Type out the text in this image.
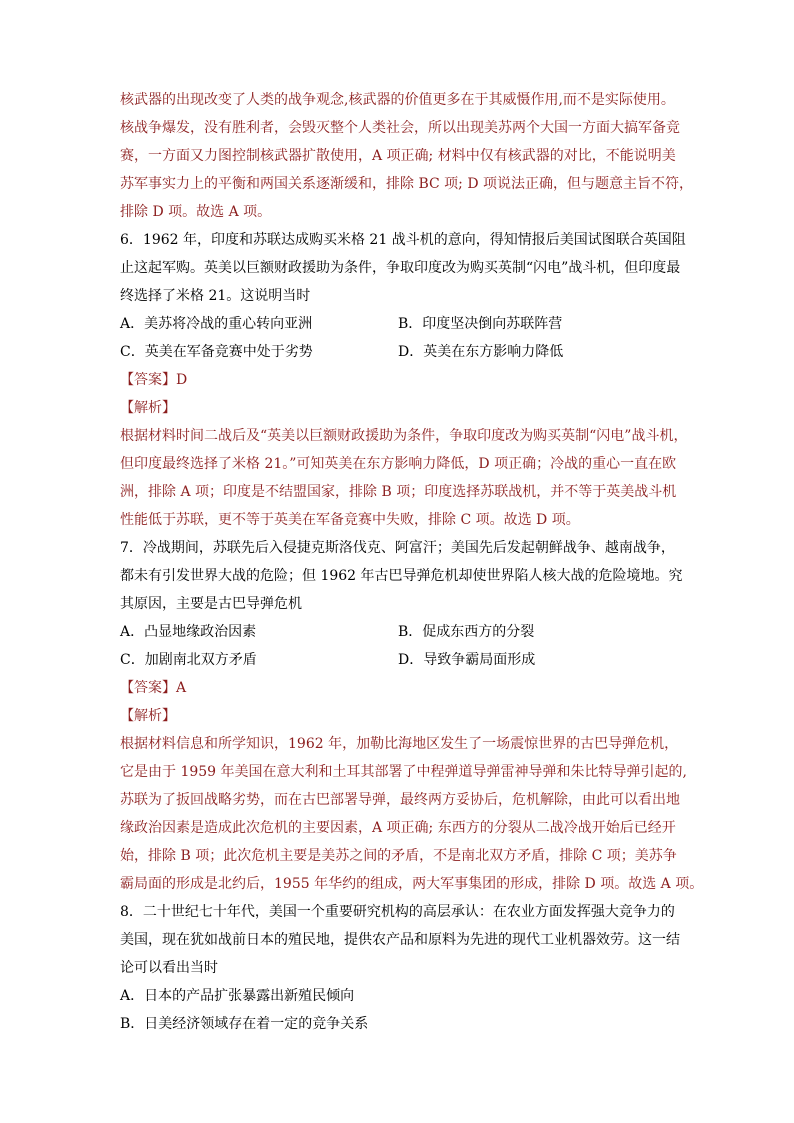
核武器的出现改变了人类的战争观念,核武器的价值更多在于其威慑作用,而不是实际使用。
核战争爆发，没有胜利者，会毁灭整个人类社会，所以出现美苏两个大国一方面大搞军备竞
赛，一方面又力图控制核武器扩散使用，A 项正确; 材料中仅有核武器的对比，不能说明美
苏军事实力上的平衡和两国关系逐渐缓和，排除 BC 项; D 项说法正确，但与题意主旨不符，
排除 D 项。故选 A 项。
6．1962 年，印度和苏联达成购买米格 21 战斗机的意向，得知情报后美国试图联合英国阻
止这起军购。英美以巨额财政援助为条件，争取印度改为购买英制“闪电”战斗机，但印度最
终选择了米格 21。这说明当时
A．美苏将冷战的重心转向亚洲	B．印度坚决倒向苏联阵营
C．英美在军备竞赛中处于劣势	D．英美在东方影响力降低
【答案】D
【解析】
根据材料时间二战后及“英美以巨额财政援助为条件，争取印度改为购买英制“闪电”战斗机，
但印度最终选择了米格 21。”可知英美在东方影响力降低，D 项正确；冷战的重心一直在欧
洲，排除 A 项；印度是不结盟国家，排除 B 项；印度选择苏联战机，并不等于英美战斗机
性能低于苏联，更不等于英美在军备竞赛中失败，排除 C 项。故选 D 项。
7．冷战期间，苏联先后入侵捷克斯洛伐克、阿富汗；美国先后发起朝鲜战争、越南战争，
都未有引发世界大战的危险；但 1962 年古巴导弹危机却使世界陷人核大战的危险境地。究
其原因，主要是古巴导弹危机
A．凸显地缘政治因素	B．促成东西方的分裂
C．加剧南北双方矛盾	D．导致争霸局面形成
【答案】A
【解析】
根据材料信息和所学知识，1962 年，加勒比海地区发生了一场震惊世界的古巴导弹危机，
它是由于 1959 年美国在意大利和土耳其部署了中程弹道导弹雷神导弹和朱比特导弹引起的,
苏联为了扳回战略劣势，而在古巴部署导弹，最终两方妥协后，危机解除，由此可以看出地
缘政治因素是造成此次危机的主要因素，A 项正确; 东西方的分裂从二战冷战开始后已经开
始，排除 B 项；此次危机主要是美苏之间的矛盾，不是南北双方矛盾，排除 C 项；美苏争
霸局面的形成是北约后，1955 年华约的组成，两大军事集团的形成，排除 D 项。故选 A 项。
8．二十世纪七十年代，美国一个重要研究机构的高层承认：在农业方面发挥强大竞争力的
美国，现在犹如战前日本的殖民地，提供农产品和原料为先进的现代工业机器效劳。这一结
论可以看出当时
A．日本的产品扩张暴露出新殖民倾向
B．日美经济领域存在着一定的竞争关系
